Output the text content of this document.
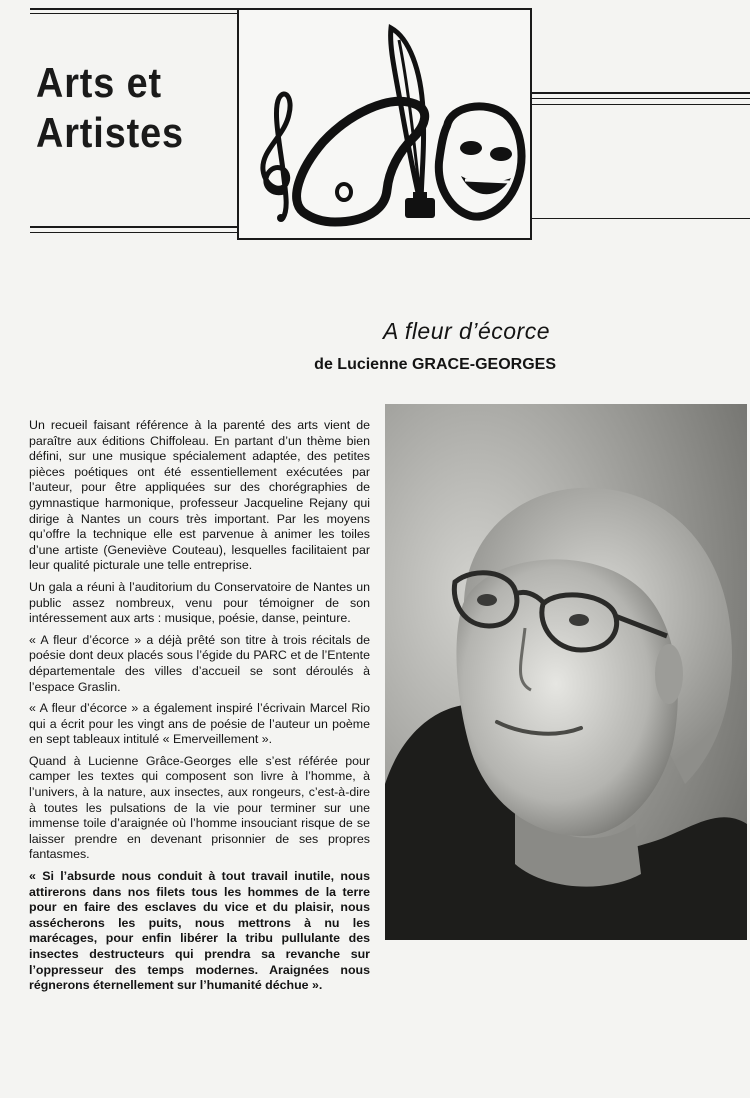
Arts et
Artistes
A fleur d’écorce
de Lucienne GRACE-GEORGES

Un recueil faisant référence à la parenté des arts vient de paraître aux éditions Chiffoleau. En partant d’un thème bien défini, sur une musique spécialement adaptée, des petites pièces poétiques ont été essentiellement exécutées par l’auteur, pour être appliquées sur des chorégraphies de gymnastique harmonique, professeur Jacqueline Rejany qui dirige à Nantes un cours très important. Par les moyens qu’offre la technique elle est parvenue à animer les toiles d’une artiste (Geneviève Couteau), lesquelles facilitaient par leur qualité picturale une telle entreprise.

Un gala a réuni à l’auditorium du Conservatoire de Nantes un public assez nombreux, venu pour témoigner de son intéressement aux arts : musique, poésie, danse, peinture.

« A fleur d’écorce » a déjà prêté son titre à trois récitals de poésie dont deux placés sous l’égide du PARC et de l’Entente départementale des villes d’accueil se sont déroulés à l’espace Graslin.

« A fleur d’écorce » a également inspiré l’écrivain Marcel Rio qui a écrit pour les vingt ans de poésie de l’auteur un poème en sept tableaux intitulé « Emerveillement ».

Quand à Lucienne Grâce-Georges elle s’est référée pour camper les textes qui composent son livre à l’homme, à l’univers, à la nature, aux insectes, aux rongeurs, c’est-à-dire à toutes les pulsations de la vie pour terminer sur une immense toile d’araignée où l’homme insouciant risque de se laisser prendre en devenant prisonnier de ses propres fantasmes.

« Si l’absurde nous conduit à tout travail inutile, nous attirerons dans nos filets tous les hommes de la terre pour en faire des esclaves du vice et du plaisir, nous assécherons les puits, nous mettrons à nu les marécages, pour enfin libérer la tribu pullulante des insectes destructeurs qui prendra sa revanche sur l’oppresseur des temps modernes. Araignées nous régnerons éternellement sur l’humanité déchue ».
